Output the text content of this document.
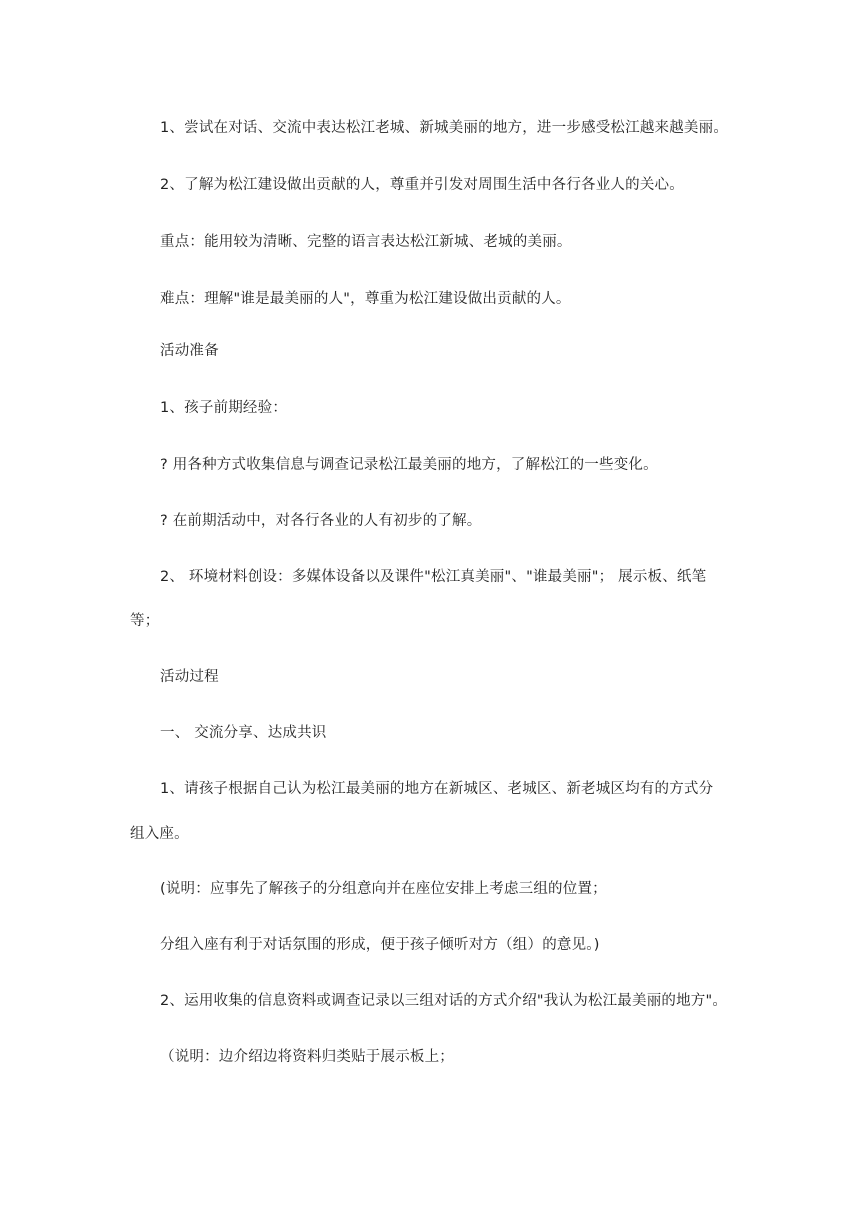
1、尝试在对话、交流中表达松江老城、新城美丽的地方，进一步感受松江越来越美丽。
2、了解为松江建设做出贡献的人，尊重并引发对周围生活中各行各业人的关心。
重点：能用较为清晰、完整的语言表达松江新城、老城的美丽。
难点：理解"谁是最美丽的人"，尊重为松江建设做出贡献的人。
活动准备
1、孩子前期经验：
? 用各种方式收集信息与调查记录松江最美丽的地方，了解松江的一些变化。
? 在前期活动中，对各行各业的人有初步的了解。
2、 环境材料创设：多媒体设备以及课件"松江真美丽"、"谁最美丽"； 展示板、纸笔
等；
活动过程
一、 交流分享、达成共识
1、请孩子根据自己认为松江最美丽的地方在新城区、老城区、新老城区均有的方式分
组入座。
(说明：应事先了解孩子的分组意向并在座位安排上考虑三组的位置；
分组入座有利于对话氛围的形成，便于孩子倾听对方（组）的意见。)
2、运用收集的信息资料或调查记录以三组对话的方式介绍"我认为松江最美丽的地方"。
（说明：边介绍边将资料归类贴于展示板上；
